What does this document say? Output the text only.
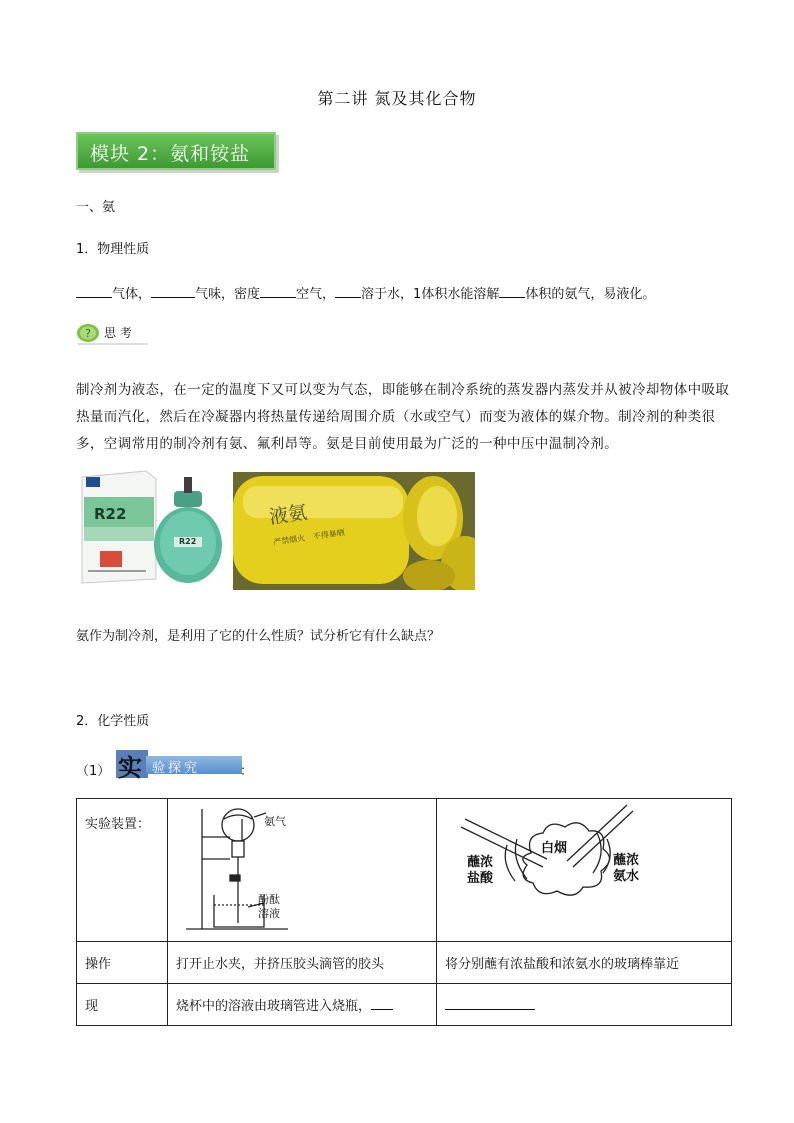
第二讲 氮及其化合物
模块 2：氨和铵盐
一、氨
1．物理性质
气体，	气味，密度	空气， 溶于水，1体积水能溶解 体积的氨气，易液化。
? 思 考
制冷剂为液态，在一定的温度下又可以变为气态，即能够在制冷系统的蒸发器内蒸发并从被冷却物体中吸取热量而汽化，然后在冷凝器内将热量传递给周围介质（水或空气）而变为液体的媒介物。制冷剂的种类很多，空调常用的制冷剂有氨、氟利昂等。氨是目前使用最为广泛的一种中压中温制冷剂。
R22
R22
液氨
严禁烟火　不得暴晒
氨作为制冷剂，是利用了它的什么性质？试分析它有什么缺点？
2．化学性质
（1） 实 验探究	：
实验装置：	氨气
酚酞
溶液	白烟
蘸浓
盐酸
蘸浓
氨水

操作	打开止水夹，并挤压胶头滴管的胶头	将分别蘸有浓盐酸和浓氨水的玻璃棒靠近
现	烧杯中的溶液由玻璃管进入烧瓶，	
